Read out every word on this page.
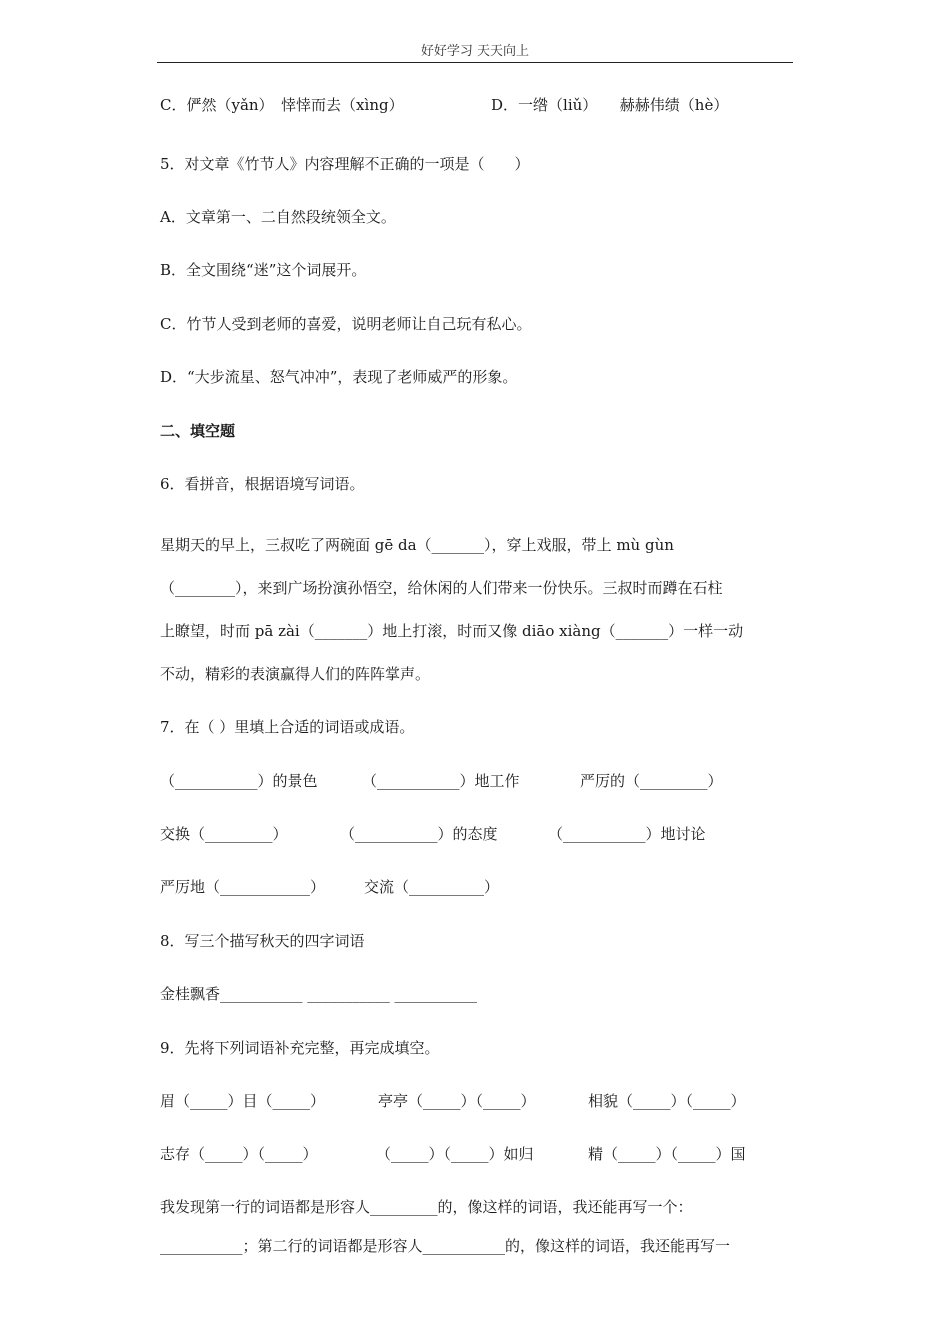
好好学习 天天向上
C．俨然（yǎn）　悻悻而去（xìng）	D．一绺（liǔ）　　赫赫伟绩（hè）
5．对文章《竹节人》内容理解不正确的一项是（　　）
A．文章第一、二自然段统领全文。
B．全文围绕“迷”这个词展开。
C．竹节人受到老师的喜爱，说明老师让自己玩有私心。
D．“大步流星、怒气冲冲”，表现了老师威严的形象。
二、填空题
6．看拼音，根据语境写词语。
星期天的早上，三叔吃了两碗面 gē da（_______），穿上戏服，带上 mù gùn
（________），来到广场扮演孙悟空，给休闲的人们带来一份快乐。三叔时而蹲在石柱
上瞭望，时而 pā zài（_______）地上打滚，时而又像 diāo xiàng（_______）一样一动
不动，精彩的表演赢得人们的阵阵掌声。
7．在（ ）里填上合适的词语或成语。
（___________）的景色	（___________）地工作	严厉的（_________）
交换（_________）	（___________）的态度	（___________）地讨论
严厉地（____________）	交流（__________）
8．写三个描写秋天的四字词语
金桂飘香___________ ___________ ___________
9．先将下列词语补充完整，再完成填空。
眉（_____）目（_____）	亭亭（_____）（_____）	相貌（_____）（_____）
志存（_____）（_____）	（_____）（_____）如归	精（_____）（_____）国
我发现第一行的词语都是形容人_________的，像这样的词语，我还能再写一个：
___________；第二行的词语都是形容人___________的，像这样的词语，我还能再写一
